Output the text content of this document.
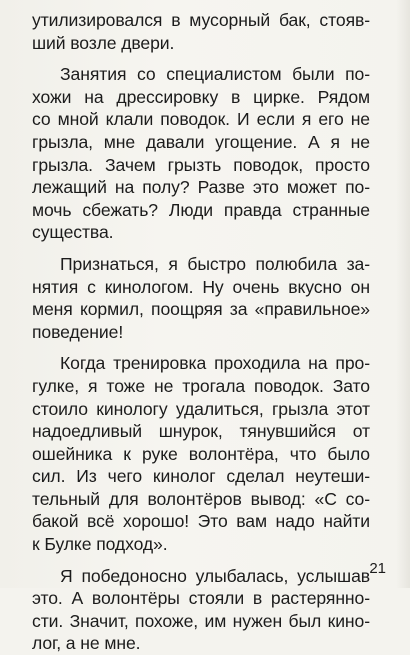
утилизировался в мусорный бак, стояв-
ший возле двери.
Занятия со специалистом были по-
хожи на дрессировку в цирке. Рядом
со мной клали поводок. И если я его не
грызла, мне давали угощение. А я не
грызла. Зачем грызть поводок, просто
лежащий на полу? Разве это может по-
мочь сбежать? Люди правда странные
существа.
Признаться, я быстро полюбила за-
нятия с кинологом. Ну очень вкусно он
меня кормил, поощряя за «правильное»
поведение!
Когда тренировка проходила на про-
гулке, я тоже не трогала поводок. Зато
стоило кинологу удалиться, грызла этот
надоедливый шнурок, тянувшийся от
ошейника к руке волонтёра, что было
сил. Из чего кинолог сделал неутеши-
тельный для волонтёров вывод: «С со-
бакой всё хорошо! Это вам надо найти
к Булке подход».
Я победоносно улыбалась, услышав
это. А волонтёры стояли в растерянно-
сти. Значит, похоже, им нужен был кино-
лог, а не мне.
21
